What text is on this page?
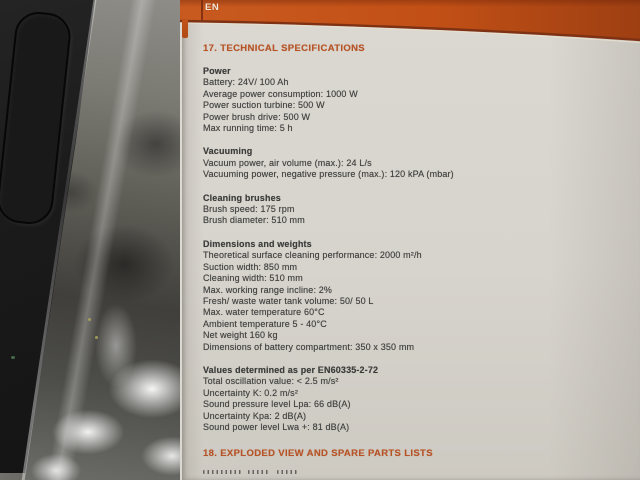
EN
17. TECHNICAL SPECIFICATIONS
Power
Battery: 24V/ 100 Ah
Average power consumption: 1000 W
Power suction turbine: 500 W
Power brush drive: 500 W
Max running time: 5 h
Vacuuming
Vacuum power, air volume (max.): 24 L/s
Vacuuming power, negative pressure (max.): 120 kPA (mbar)
Cleaning brushes
Brush speed: 175 rpm
Brush diameter: 510 mm
Dimensions and weights
Theoretical surface cleaning performance: 2000 m²/h
Suction width: 850 mm
Cleaning width: 510 mm
Max. working range incline: 2%
Fresh/ waste water tank volume: 50/ 50 L
Max. water temperature 60°C
Ambient temperature 5 - 40°C
Net weight 160 kg
Dimensions of battery compartment: 350 x 350 mm
Values determined as per EN60335-2-72
Total oscillation value: < 2.5 m/s²
Uncertainty K: 0.2 m/s²
Sound pressure level Lpa: 66 dB(A)
Uncertainty Kpa: 2 dB(A)
Sound power level Lwa +: 81 dB(A)
18. EXPLODED VIEW AND SPARE PARTS LISTS
